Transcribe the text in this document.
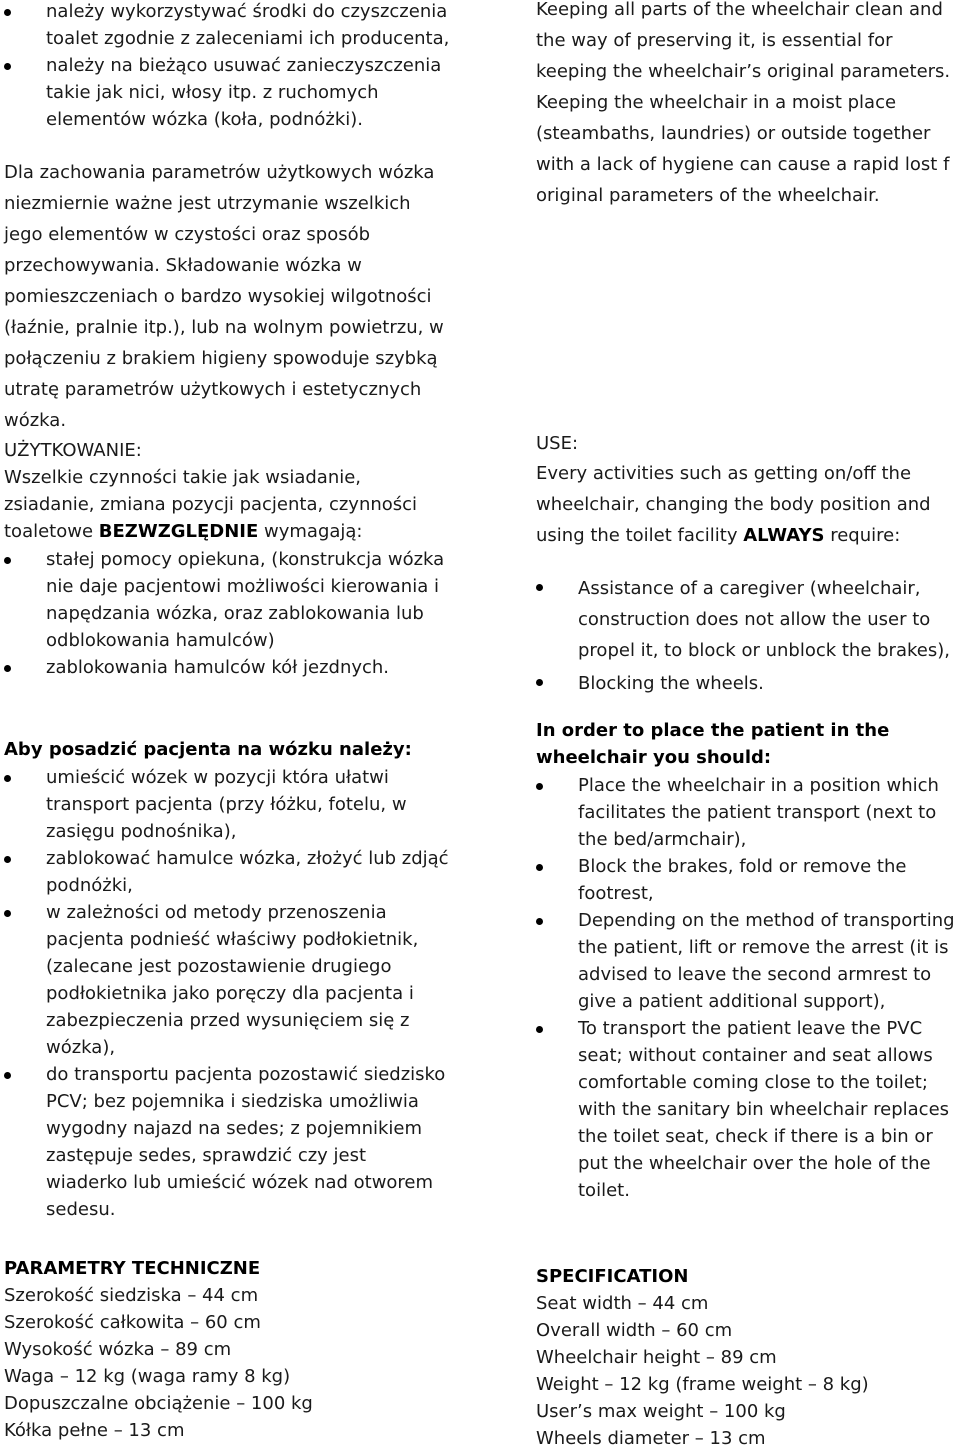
należy wykorzystywać środki do czyszczenia toalet zgodnie z zaleceniami ich producenta,
należy na bieżąco usuwać zanieczyszczenia takie jak nici, włosy itp. z ruchomych elementów wózka (koła, podnóżki).

Dla zachowania parametrów użytkowych wózka niezmiernie ważne jest utrzymanie wszelkich jego elementów w czystości oraz sposób przechowywania. Składowanie wózka w pomieszczeniach o bardzo wysokiej wilgotności (łaźnie, pralnie itp.), lub na wolnym powietrzu, w połączeniu z brakiem higieny spowoduje szybką utratę parametrów użytkowych i estetycznych wózka.

UŻYTKOWANIE:

Wszelkie czynności takie jak wsiadanie, zsiadanie, zmiana pozycji pacjenta, czynności toaletowe BEZWZGLĘDNIE wymagają:

stałej pomocy opiekuna, (konstrukcja wózka nie daje pacjentowi możliwości kierowania i napędzania wózka, oraz zablokowania lub odblokowania hamulców)
zablokowania hamulców kół jezdnych.

Aby posadzić pacjenta na wózku należy:

umieścić wózek w pozycji która ułatwi transport pacjenta (przy łóżku, fotelu, w zasięgu podnośnika),
zablokować hamulce wózka, złożyć lub zdjąć podnóżki,
w zależności od metody przenoszenia pacjenta podnieść właściwy podłokietnik, (zalecane jest pozostawienie drugiego podłokietnika jako poręczy dla pacjenta i zabezpieczenia przed wysunięciem się z wózka),
do transportu pacjenta pozostawić siedzisko PCV; bez pojemnika i siedziska umożliwia wygodny najazd na sedes; z pojemnikiem zastępuje sedes, sprawdzić czy jest wiaderko lub umieścić wózek nad otworem sedesu.

PARAMETRY TECHNICZNE

Szerokość siedziska – 44 cm

Szerokość całkowita – 60 cm

Wysokość wózka – 89 cm

Waga – 12 kg (waga ramy 8 kg)

Dopuszczalne obciążenie – 100 kg

Kółka pełne – 13 cm

Keeping all parts of the wheelchair clean and the way of preserving it, is essential for keeping the wheelchair’s original parameters. Keeping the wheelchair in a moist place (steambaths, laundries) or outside together with a lack of hygiene can cause a rapid lost f original parameters of the wheelchair.

USE:

Every activities such as getting on/off the wheelchair, changing the body position and using the toilet facility ALWAYS require:

Assistance of a caregiver (wheelchair, construction does not allow the user to propel it, to block or unblock the brakes),
Blocking the wheels.

In order to place the patient in the wheelchair you should:

Place the wheelchair in a position which facilitates the patient transport (next to the bed/armchair),
Block the brakes, fold or remove the footrest,
Depending on the method of transporting the patient, lift or remove the arrest (it is advised to leave the second armrest to give a patient additional support),
To transport the patient leave the PVC seat; without container and seat allows comfortable coming close to the toilet; with the sanitary bin wheelchair replaces the toilet seat, check if there is a bin or put the wheelchair over the hole of the toilet.

SPECIFICATION

Seat width – 44 cm

Overall width – 60 cm

Wheelchair height – 89 cm

Weight – 12 kg (frame weight – 8 kg)

User’s max weight – 100 kg

Wheels diameter – 13 cm
